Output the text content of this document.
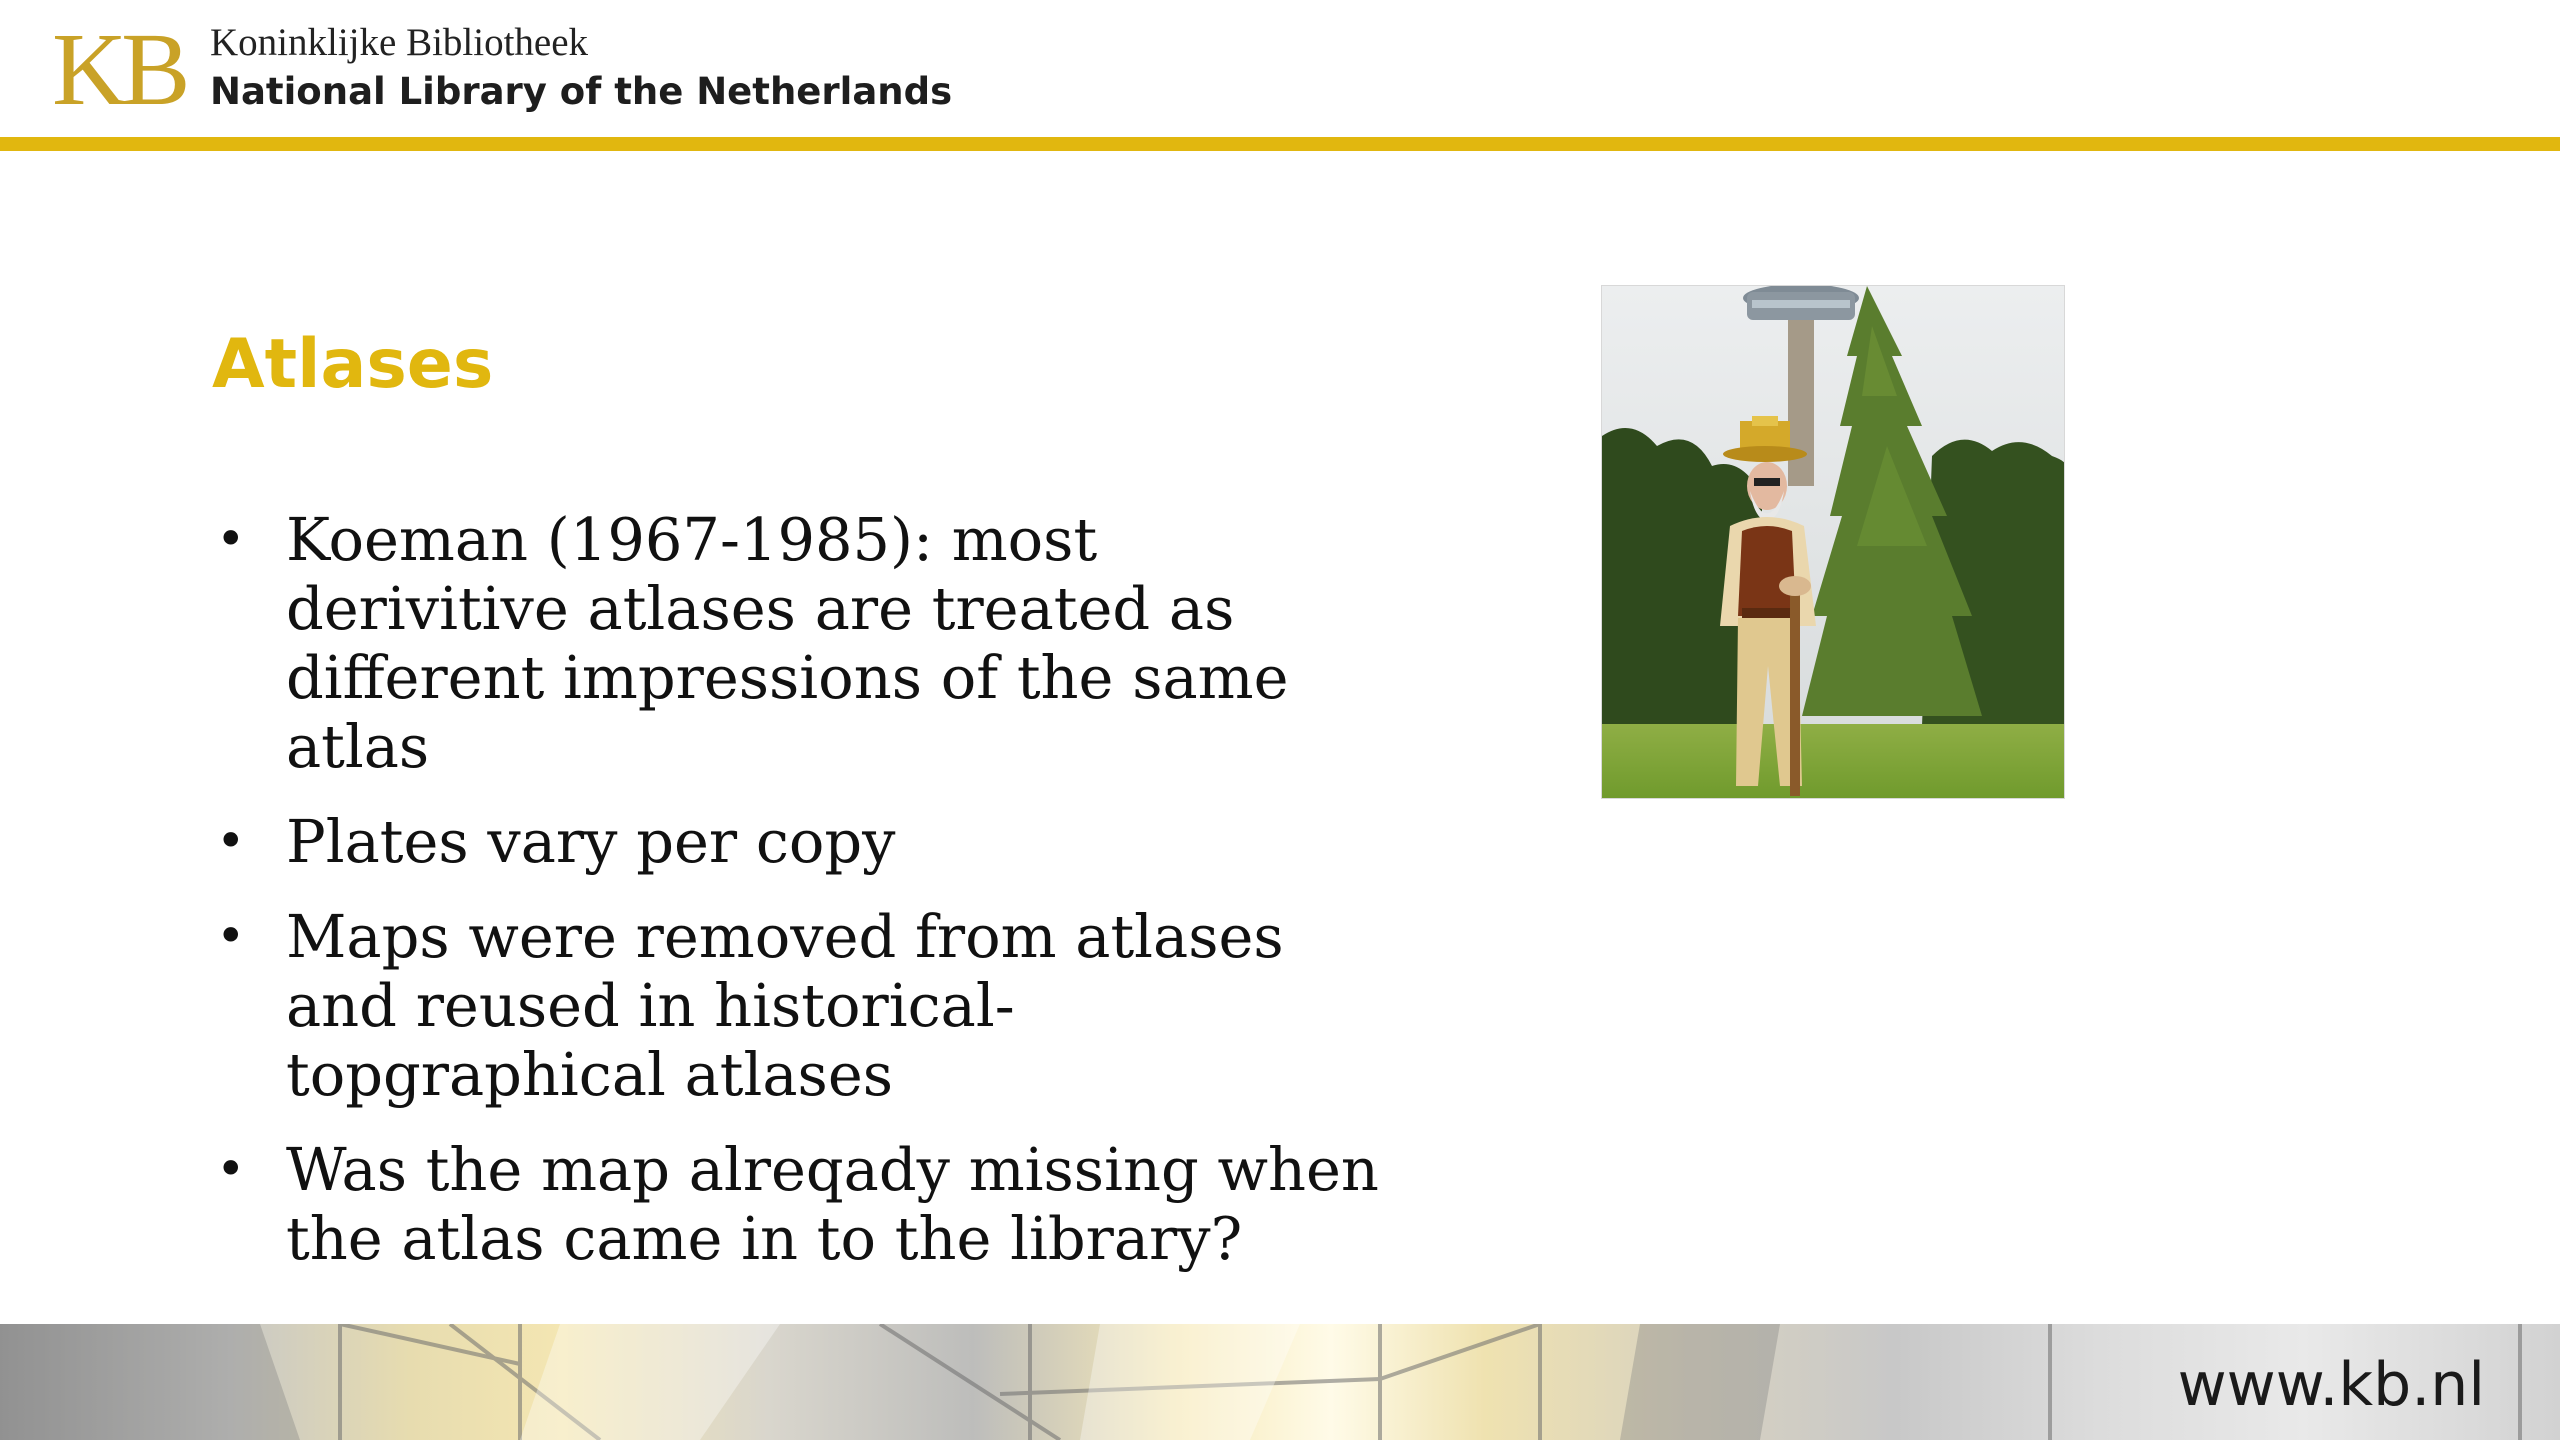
KB Koninklijke Bibliotheek
National Library of the Netherlands
Atlases
• Koeman (1967-1985): most derivitive atlases are treated as different impressions of the same atlas
• Plates vary per copy
• Maps were removed from atlases and reused in historical-topgraphical atlases
• Was the map alreqady missing when the atlas came in to the library?
www.kb.nl
